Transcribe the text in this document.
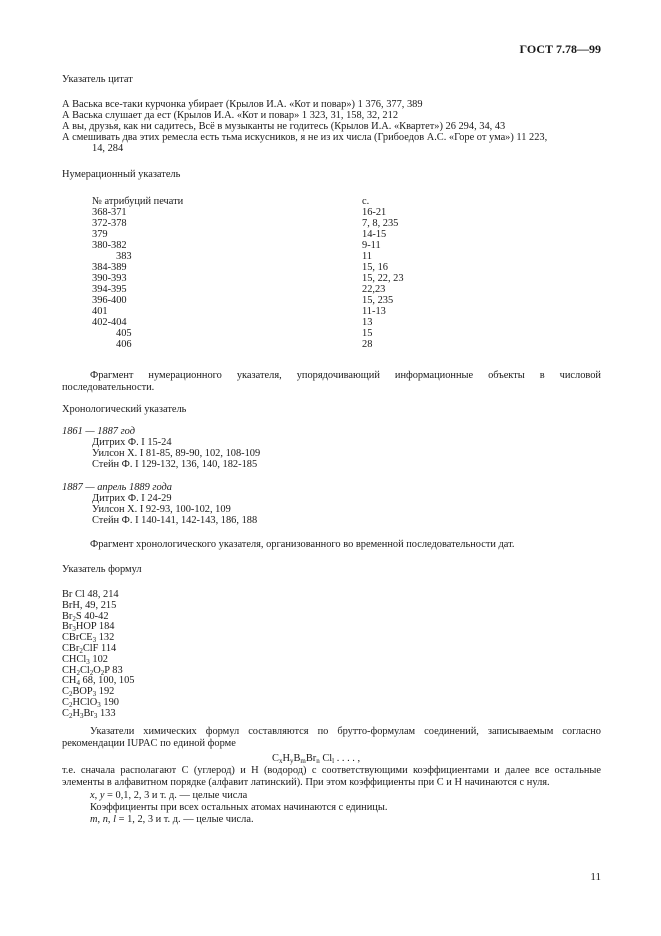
ГОСТ 7.78—99
Указатель цитат
А Васька все-таки курчонка убирает (Крылов И.А. «Кот и повар») 1 376, 377, 389
А Васька слушает да ест (Крылов И.А. «Кот и повар» 1 323, 31, 158, 32, 212
А вы, друзья, как ни садитесь, Всё в музыканты не годитесь (Крылов И.А. «Квартет») 26 294, 34, 43
А смешивать два этих ремесла есть тьма искусников, я не из их числа (Грибоедов А.С. «Горе от ума») 11 223,
14, 284
Нумерационный указатель
№ атрибуций печати	с.
368-371	16-21
372-378	7, 8, 235
379	14-15
380-382	9-11
383	11
384-389	15, 16
390-393	15, 22, 23
394-395	22,23
396-400	15, 235
401	11-13
402-404	13
405	15
406	28
Фрагмент нумерационного указателя, упорядочивающий информационные объекты в числовой последовательности.
Хронологический указатель
1861 — 1887 год
Дитрих Ф. I 15-24
Уилсон Х. I 81-85, 89-90, 102, 108-109
Стейн Ф. I 129-132, 136, 140, 182-185
1887 — апрель 1889 года
Дитрих Ф. I 24-29
Уилсон Х. I 92-93, 100-102, 109
Стейн Ф. I 140-141, 142-143, 186, 188
Фрагмент хронологического указателя, организованного во временной последовательности дат.
Указатель формул
Br Cl 48, 214
BrH, 49, 215
$Br_2S$ 40-42
$Br_3HOP$ 184
CBrCE$_3$ 132
CBr$_2$ClF 114
CHCl$_3$ 102
$CH_2Cl_2O_2P$ 83
$CH_4$ 68, 100, 105
$C_2BOP_3$ 192
$C_2HClO_3$ 190
$C_2H_3Br_3$ 133
Указатели химических формул составляются по брутто-формулам соединений, записываемым согласно рекомендации IUPAC по единой форме
$C_xH_yB_mBr_n$ $Cl_l$ . . . . ,
т.е. сначала располагают С (углерод) и Н (водород) с соответствующими коэффициентами и далее все остальные элементы в алфавитном порядке (алфавит латинский). При этом коэффициенты при С и Н начинаются с нуля.
x, y = 0,1, 2, 3 и т. д. — целые числа
Коэффициенты при всех остальных атомах начинаются с единицы.
m, n, l = 1, 2, 3 и т. д. — целые числа.
11
